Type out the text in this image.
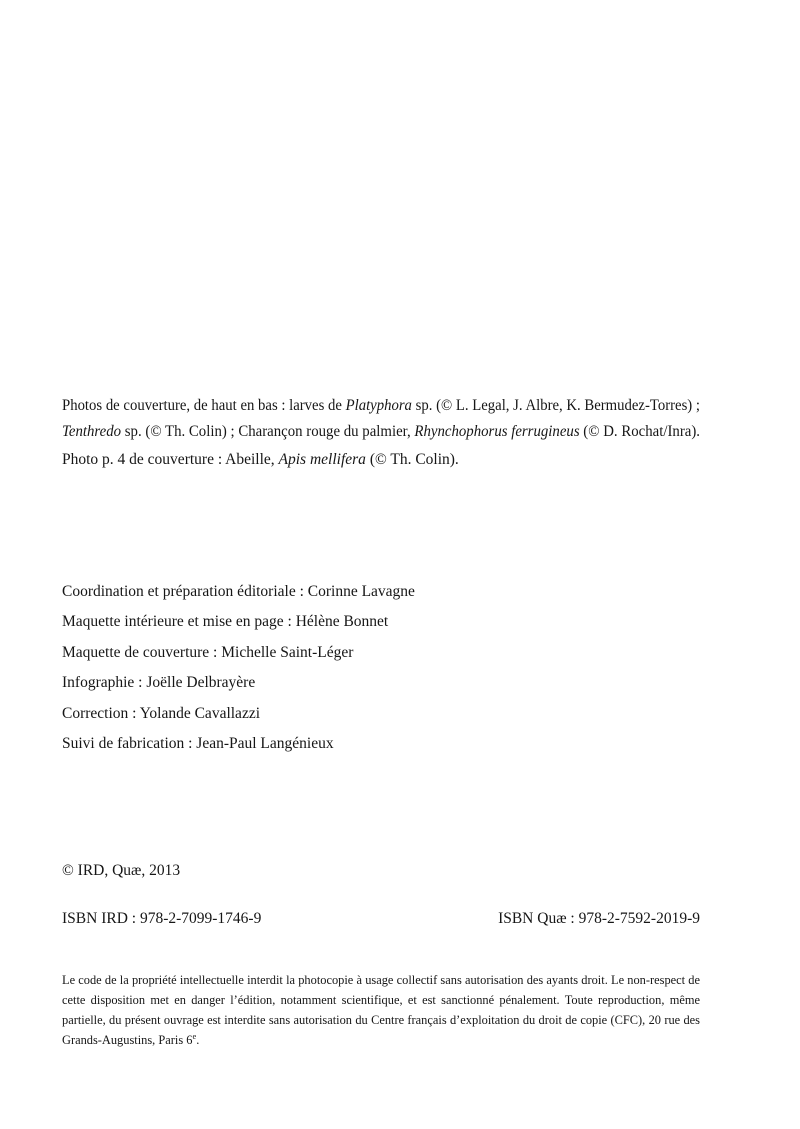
Photos de couverture, de haut en bas : larves de Platyphora sp. (© L. Legal, J. Albre, K. Bermudez-Torres) ;
Tenthredo sp. (© Th. Colin) ; Charançon rouge du palmier, Rhynchophorus ferrugineus (© D. Rochat/Inra).
Photo p. 4 de couverture : Abeille, Apis mellifera (© Th. Colin).
Coordination et préparation éditoriale : Corinne Lavagne
Maquette intérieure et mise en page : Hélène Bonnet
Maquette de couverture : Michelle Saint-Léger
Infographie : Joëlle Delbrayère
Correction : Yolande Cavallazzi
Suivi de fabrication : Jean-Paul Langénieux
© IRD, Quæ, 2013
ISBN IRD : 978-2-7099-1746-9	ISBN Quæ : 978-2-7592-2019-9
Le code de la propriété intellectuelle interdit la photocopie à usage collectif sans autorisation des ayants droit. Le non-respect de cette disposition met en danger l’édition, notamment scientifique, et est sanctionné pénalement. Toute reproduction, même partielle, du présent ouvrage est interdite sans autorisation du Centre français d’exploitation du droit de copie (CFC), 20 rue des Grands-Augustins, Paris 6e.
